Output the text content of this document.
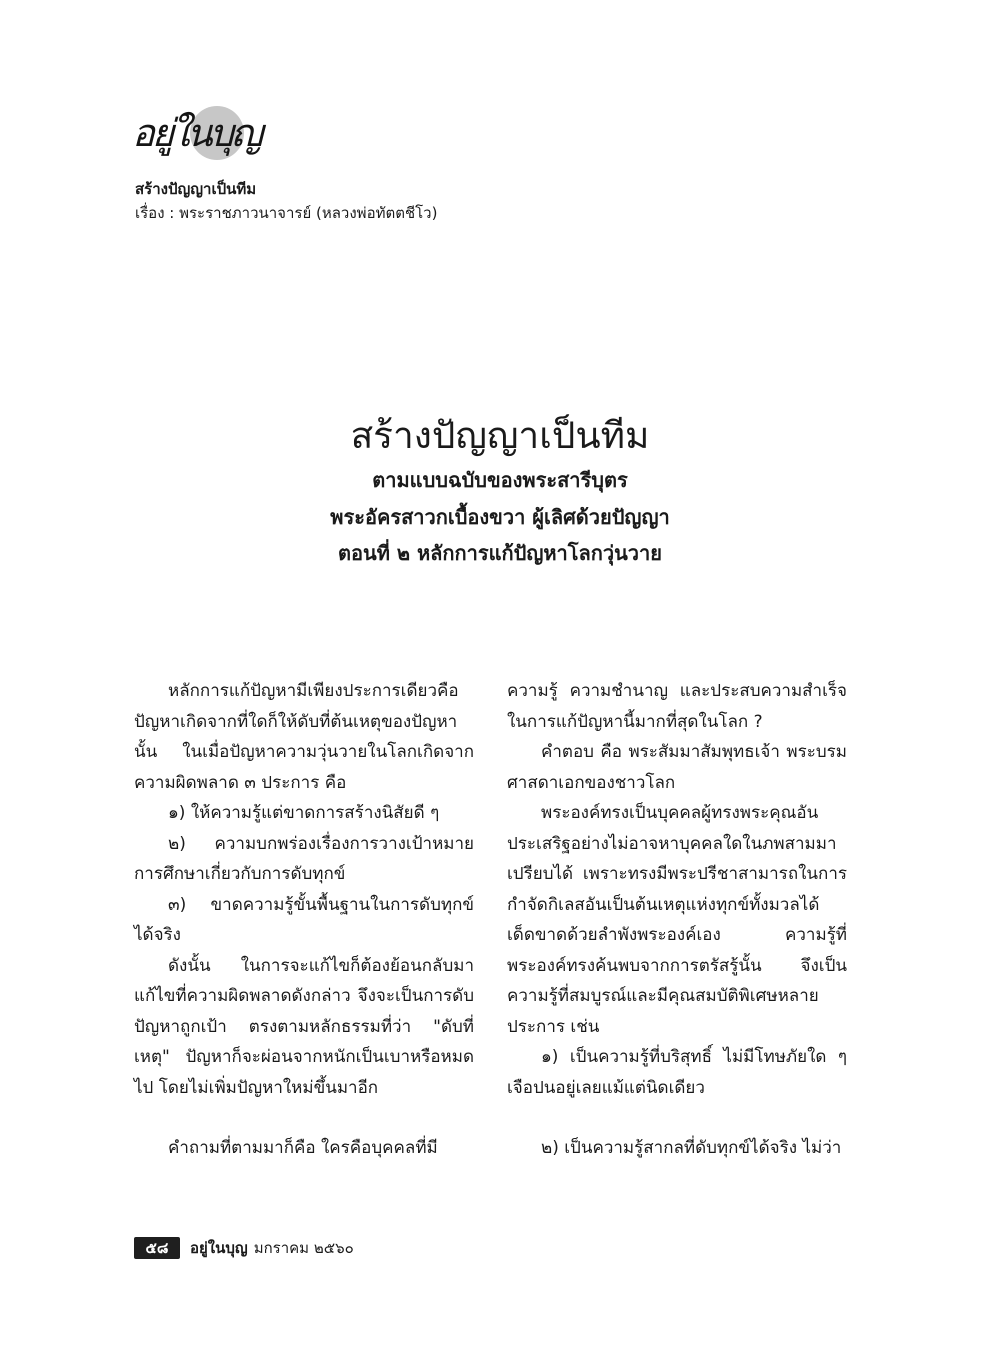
อยู่ในบุญ
สร้างปัญญาเป็นทีม
เรื่อง : พระราชภาวนาจารย์ (หลวงพ่อทัตตชีโว)
สร้างปัญญาเป็นทีม
ตามแบบฉบับของพระสารีบุตร
พระอัครสาวกเบื้องขวา ผู้เลิศด้วยปัญญา
ตอนที่ ๒ หลักการแก้ปัญหาโลกวุ่นวาย

หลักการแก้ปัญหามีเพียงประการเดียวคือ ปัญหาเกิดจากที่ใดก็ให้ดับที่ต้นเหตุของปัญหานั้น ในเมื่อปัญหาความวุ่นวายในโลกเกิดจากความผิดพลาด ๓ ประการ คือ

๑) ให้ความรู้แต่ขาดการสร้างนิสัยดี ๆ

๒) ความบกพร่องเรื่องการวางเป้าหมายการศึกษาเกี่ยวกับการดับทุกข์

๓) ขาดความรู้ขั้นพื้นฐานในการดับทุกข์ได้จริง

ดังนั้น ในการจะแก้ไขก็ต้องย้อนกลับมาแก้ไขที่ความผิดพลาดดังกล่าว จึงจะเป็นการดับปัญหาถูกเป้า ตรงตามหลักธรรมที่ว่า "ดับที่เหตุ" ปัญหาก็จะผ่อนจากหนักเป็นเบาหรือหมดไป โดยไม่เพิ่มปัญหาใหม่ขึ้นมาอีก

คำถามที่ตามมาก็คือ ใครคือบุคคลที่มี

ความรู้ ความชำนาญ และประสบความสำเร็จในการแก้ปัญหานี้มากที่สุดในโลก ?

คำตอบ คือ พระสัมมาสัมพุทธเจ้า พระบรมศาสดาเอกของชาวโลก

พระองค์ทรงเป็นบุคคลผู้ทรงพระคุณอันประเสริฐอย่างไม่อาจหาบุคคลใดในภพสามมาเปรียบได้ เพราะทรงมีพระปรีชาสามารถในการกำจัดกิเลสอันเป็นต้นเหตุแห่งทุกข์ทั้งมวลได้เด็ดขาดด้วยลำพังพระองค์เอง ความรู้ที่พระองค์ทรงค้นพบจากการตรัสรู้นั้น จึงเป็นความรู้ที่สมบูรณ์และมีคุณสมบัติพิเศษหลายประการ เช่น

๑) เป็นความรู้ที่บริสุทธิ์ ไม่มีโทษภัยใด ๆ เจือปนอยู่เลยแม้แต่นิดเดียว

๒) เป็นความรู้สากลที่ดับทุกข์ได้จริง ไม่ว่า

๕๘	อยู่ในบุญ มกราคม ๒๕๖๐
